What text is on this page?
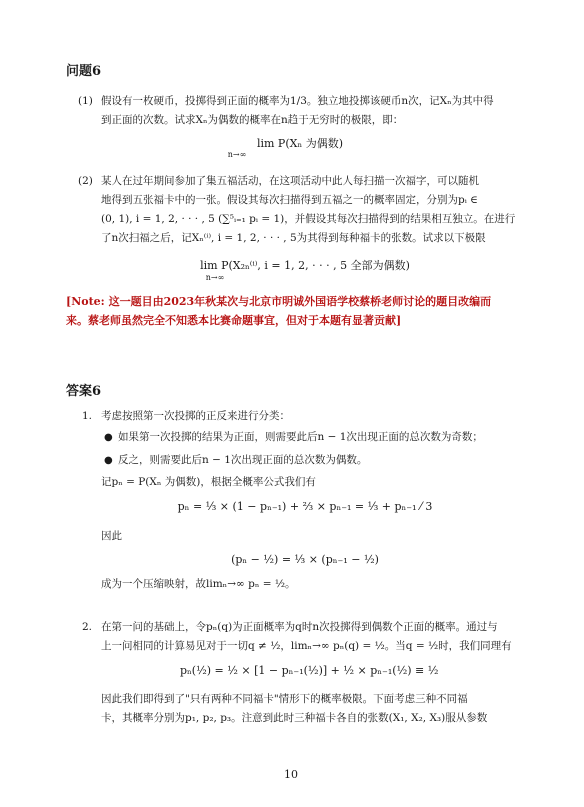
问题6
(1) 假设有一枚硬币，投掷得到正面的概率为1/3。独立地投掷该硬币n次，记Xₙ为其中得
到正面的次数。试求Xₙ为偶数的概率在n趋于无穷时的极限，即：
lim P(Xₙ 为偶数)
n→∞
(2) 某人在过年期间参加了集五福活动，在这项活动中此人每扫描一次福字，可以随机
地得到五张福卡中的一张。假设其每次扫描得到五福之一的概率固定，分别为pᵢ ∈
(0, 1), i = 1, 2, · · · , 5 (∑⁵ᵢ₌₁ pᵢ = 1)，并假设其每次扫描得到的结果相互独立。在进行
了n次扫福之后，记Xₙ⁽ⁱ⁾, i = 1, 2, · · · , 5为其得到每种福卡的张数。试求以下极限
lim P(X₂ₙ⁽ⁱ⁾, i = 1, 2, · · · , 5 全部为偶数)
n→∞
[Note: 这一题目由2023年秋某次与北京市明诚外国语学校蔡桥老师讨论的题目改编而
来。蔡老师虽然完全不知悉本比赛命题事宜，但对于本题有显著贡献]
答案6
1. 考虑按照第一次投掷的正反来进行分类：
● 如果第一次投掷的结果为正面，则需要此后n − 1次出现正面的总次数为奇数；
● 反之，则需要此后n − 1次出现正面的总次数为偶数。
记pₙ = P(Xₙ 为偶数)，根据全概率公式我们有
pₙ = ⅓ × (1 − pₙ₋₁) + ⅔ × pₙ₋₁ = ⅓ + pₙ₋₁ ⁄ 3
因此
(pₙ − ½) = ⅓ × (pₙ₋₁ − ½)
成为一个压缩映射，故limₙ→∞ pₙ = ½。
2. 在第一问的基础上，令pₙ(q)为正面概率为q时n次投掷得到偶数个正面的概率。通过与
上一问相同的计算易见对于一切q ≠ ½，limₙ→∞ pₙ(q) = ½。当q = ½时，我们同理有
pₙ(½) = ½ × [1 − pₙ₋₁(½)] + ½ × pₙ₋₁(½) ≡ ½
因此我们即得到了"只有两种不同福卡"情形下的概率极限。下面考虑三种不同福
卡，其概率分别为p₁, p₂, p₃。注意到此时三种福卡各自的张数(X₁, X₂, X₃)服从参数
10
